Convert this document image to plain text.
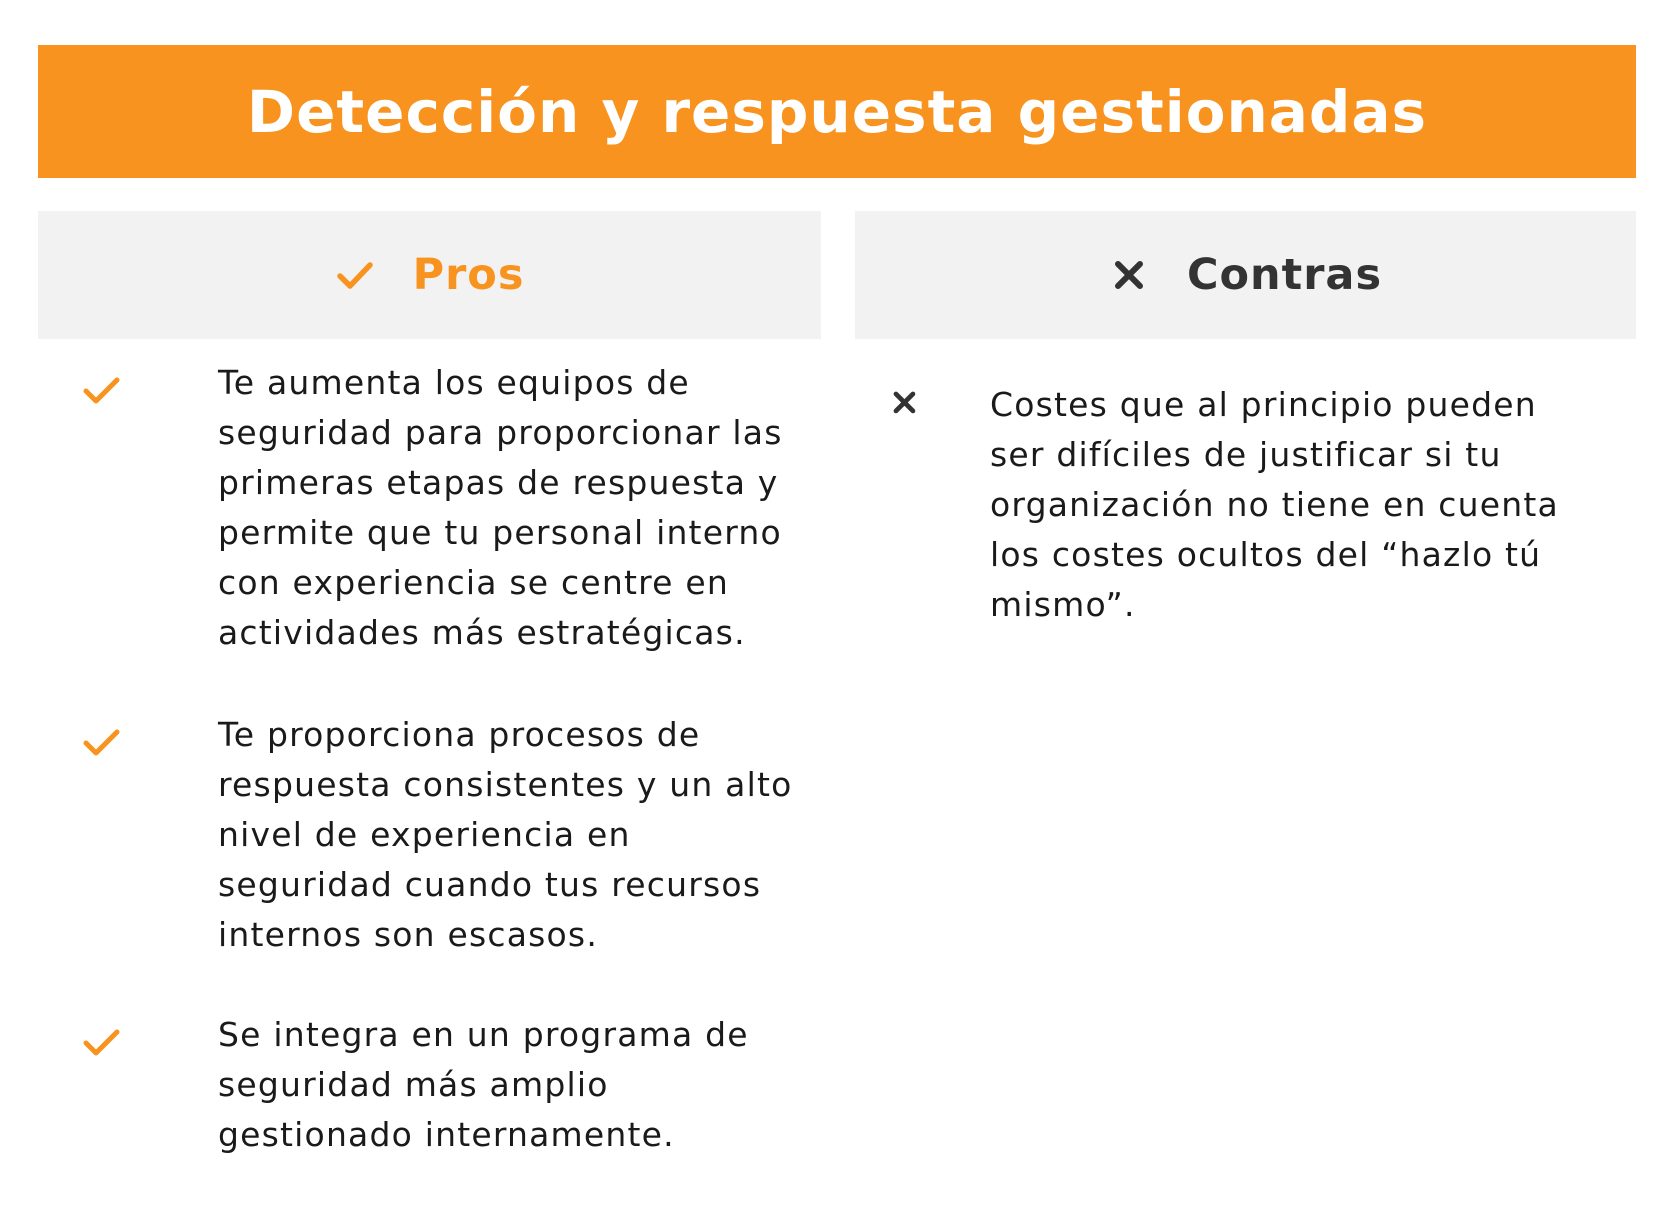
Detección y respuesta gestionadas
Pros	Contras
Te aumenta los equipos de seguridad para proporcionar las primeras etapas de respuesta y permite que tu personal interno con experiencia se centre en actividades más estratégicas.
Te proporciona procesos de respuesta consistentes y un alto nivel de experiencia en seguridad cuando tus recursos internos son escasos.
Se integra en un programa de seguridad más amplio gestionado internamente.
Costes que al principio pueden ser difíciles de justificar si tu organización no tiene en cuenta los costes ocultos del “hazlo tú mismo”.
